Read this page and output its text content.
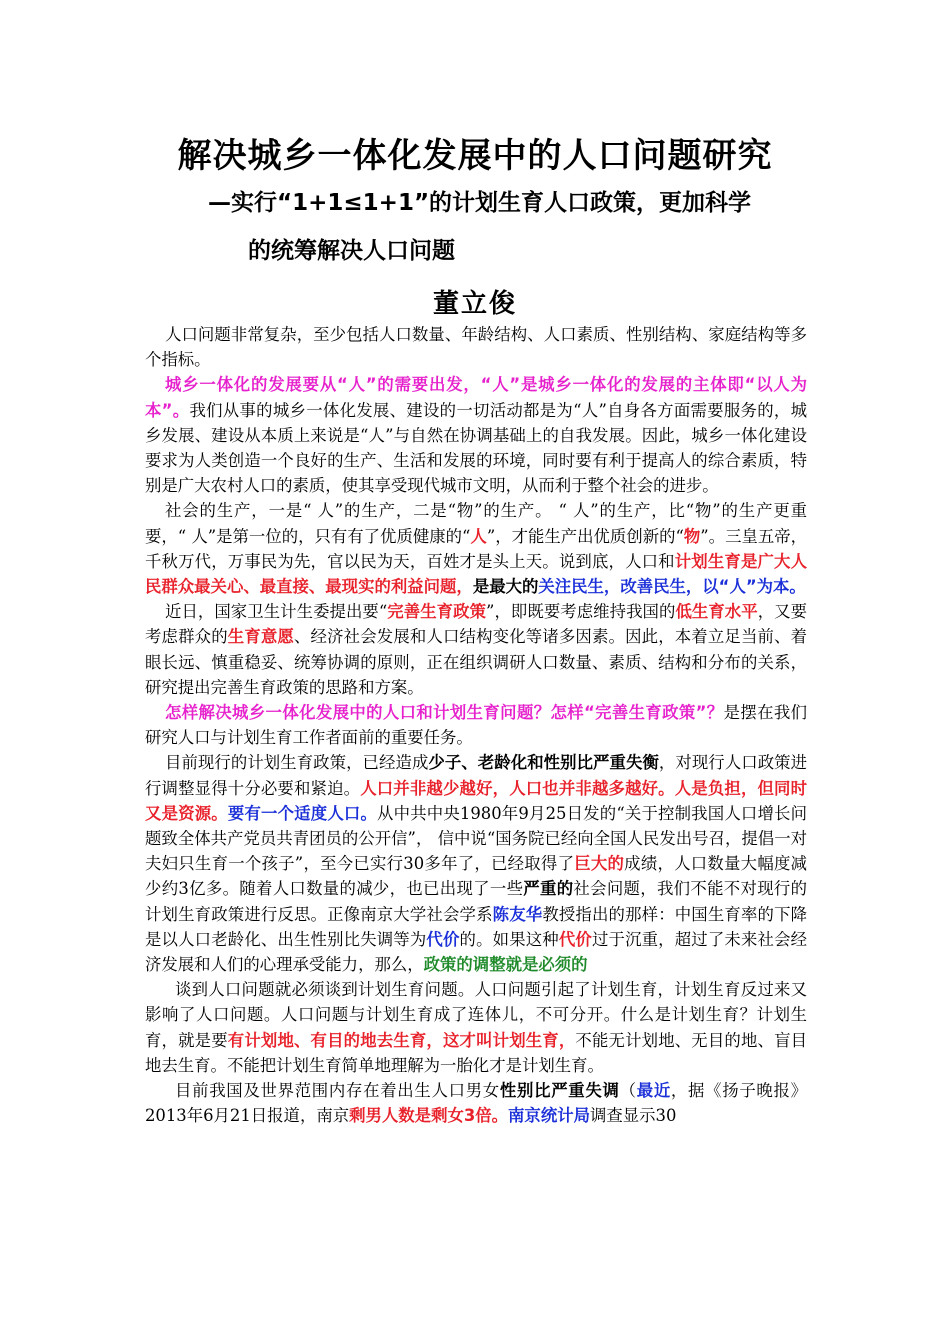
解决城乡一体化发展中的人口问题研究
—实行“1+1≤1+1”的计划生育人口政策，更加科学
的统筹解决人口问题
董立俊

人口问题非常复杂，至少包括人口数量、年龄结构、人口素质、性别结构、家庭结构等多个指标。

城乡一体化的发展要从“人”的需要出发，“人”是城乡一体化的发展的主体即“以人为本”。我们从事的城乡一体化发展、建设的一切活动都是为“人”自身各方面需要服务的，城乡发展、建设从本质上来说是“人”与自然在协调基础上的自我发展。因此，城乡一体化建设要求为人类创造一个良好的生产、生活和发展的环境，同时要有利于提高人的综合素质，特别是广大农村人口的素质，使其享受现代城市文明，从而利于整个社会的进步。

社会的生产，一是“ 人”的生产，二是“物”的生产。 “ 人”的生产，比“物”的生产更重要，“ 人”是第一位的，只有有了优质健康的“人”，才能生产出优质创新的“物”。三皇五帝，千秋万代，万事民为先，官以民为天，百姓才是头上天。说到底，人口和计划生育是广大人民群众最关心、最直接、最现实的利益问题，是最大的关注民生，改善民生，以“人”为本。

近日，国家卫生计生委提出要“完善生育政策”，即既要考虑维持我国的低生育水平，又要考虑群众的生育意愿、经济社会发展和人口结构变化等诸多因素。因此，本着立足当前、着眼长远、慎重稳妥、统筹协调的原则，正在组织调研人口数量、素质、结构和分布的关系，研究提出完善生育政策的思路和方案。

怎样解决城乡一体化发展中的人口和计划生育问题？怎样“完善生育政策”？是摆在我们研究人口与计划生育工作者面前的重要任务。

目前现行的计划生育政策，已经造成少子、老龄化和性别比严重失衡，对现行人口政策进行调整显得十分必要和紧迫。人口并非越少越好，人口也并非越多越好。人是负担，但同时又是资源。要有一个适度人口。从中共中央1980年9月25日发的“关于控制我国人口增长问题致全体共产党员共青团员的公开信”， 信中说“国务院已经向全国人民发出号召，提倡一对夫妇只生育一个孩子”，至今已实行30多年了，已经取得了巨大的成绩，人口数量大幅度减少约3亿多。随着人口数量的减少，也已出现了一些严重的社会问题，我们不能不对现行的计划生育政策进行反思。正像南京大学社会学系陈友华教授指出的那样：中国生育率的下降是以人口老龄化、出生性别比失调等为代价的。如果这种代价过于沉重，超过了未来社会经济发展和人们的心理承受能力，那么，政策的调整就是必须的

谈到人口问题就必须谈到计划生育问题。人口问题引起了计划生育，计划生育反过来又影响了人口问题。人口问题与计划生育成了连体儿，不可分开。什么是计划生育？计划生育，就是要有计划地、有目的地去生育，这才叫计划生育，不能无计划地、无目的地、盲目地去生育。不能把计划生育简单地理解为一胎化才是计划生育。

目前我国及世界范围内存在着出生人口男女性别比严重失调（最近，据《扬子晚报》2013年6月21日报道，南京剩男人数是剩女3倍。南京统计局调查显示30
